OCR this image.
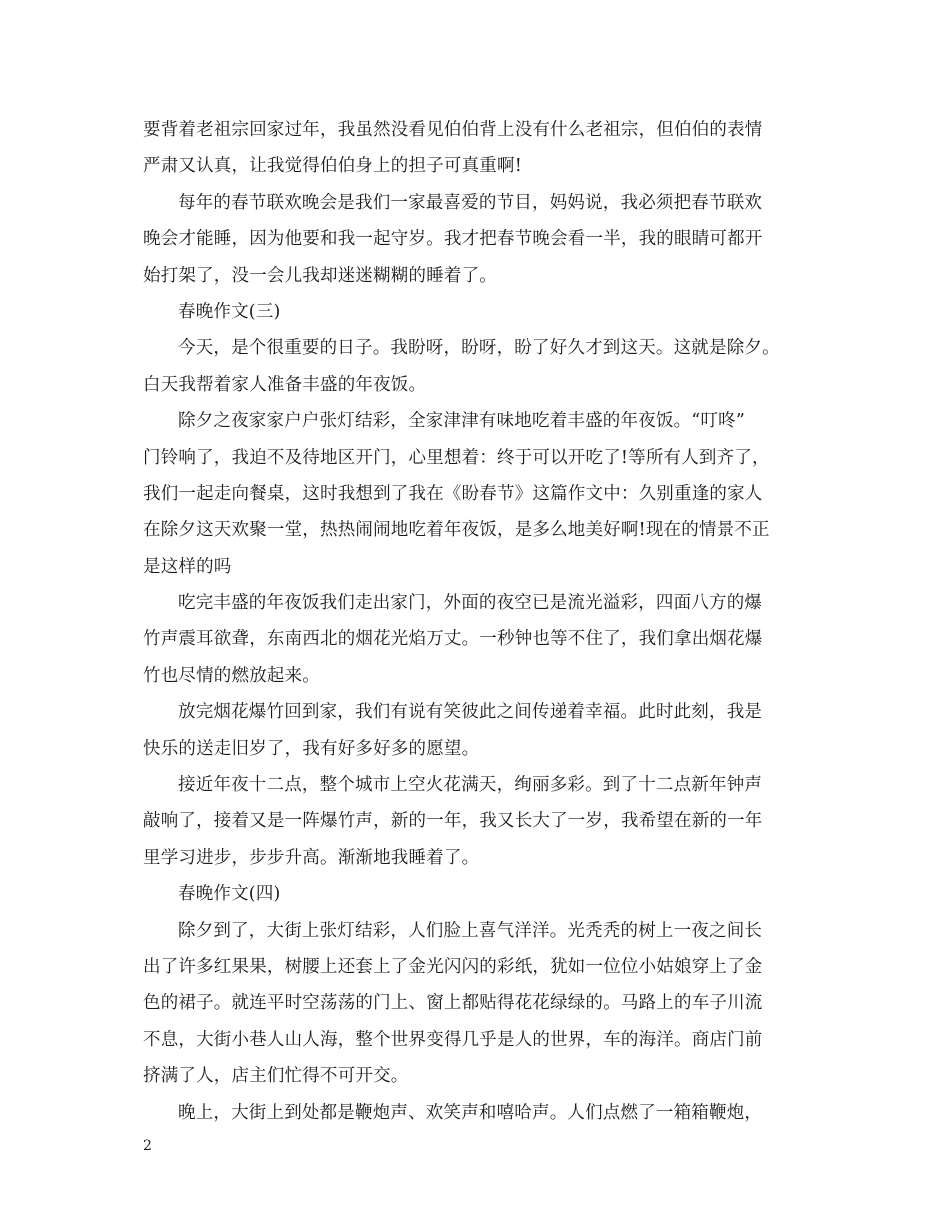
要背着老祖宗回家过年，我虽然没看见伯伯背上没有什么老祖宗，但伯伯的表情
严肃又认真，让我觉得伯伯身上的担子可真重啊!
每年的春节联欢晚会是我们一家最喜爱的节目，妈妈说，我必须把春节联欢
晚会才能睡，因为他要和我一起守岁。我才把春节晚会看一半，我的眼睛可都开
始打架了，没一会儿我却迷迷糊糊的睡着了。
春晚作文(三)
今天，是个很重要的日子。我盼呀，盼呀，盼了好久才到这天。这就是除夕。
白天我帮着家人准备丰盛的年夜饭。
除夕之夜家家户户张灯结彩，全家津津有味地吃着丰盛的年夜饭。“叮咚”
门铃响了，我迫不及待地区开门，心里想着：终于可以开吃了!等所有人到齐了，
我们一起走向餐桌，这时我想到了我在《盼春节》这篇作文中：久别重逢的家人
在除夕这天欢聚一堂，热热闹闹地吃着年夜饭，是多么地美好啊!现在的情景不正
是这样的吗
吃完丰盛的年夜饭我们走出家门，外面的夜空已是流光溢彩，四面八方的爆
竹声震耳欲聋，东南西北的烟花光焰万丈。一秒钟也等不住了，我们拿出烟花爆
竹也尽情的燃放起来。
放完烟花爆竹回到家，我们有说有笑彼此之间传递着幸福。此时此刻，我是
快乐的送走旧岁了，我有好多好多的愿望。
接近年夜十二点，整个城市上空火花满天，绚丽多彩。到了十二点新年钟声
敲响了，接着又是一阵爆竹声，新的一年，我又长大了一岁，我希望在新的一年
里学习进步，步步升高。渐渐地我睡着了。
春晚作文(四)
除夕到了，大街上张灯结彩，人们脸上喜气洋洋。光秃秃的树上一夜之间长
出了许多红果果，树腰上还套上了金光闪闪的彩纸，犹如一位位小姑娘穿上了金
色的裙子。就连平时空荡荡的门上、窗上都贴得花花绿绿的。马路上的车子川流
不息，大街小巷人山人海，整个世界变得几乎是人的世界，车的海洋。商店门前
挤满了人，店主们忙得不可开交。
晚上，大街上到处都是鞭炮声、欢笑声和嘻哈声。人们点燃了一箱箱鞭炮，
2
